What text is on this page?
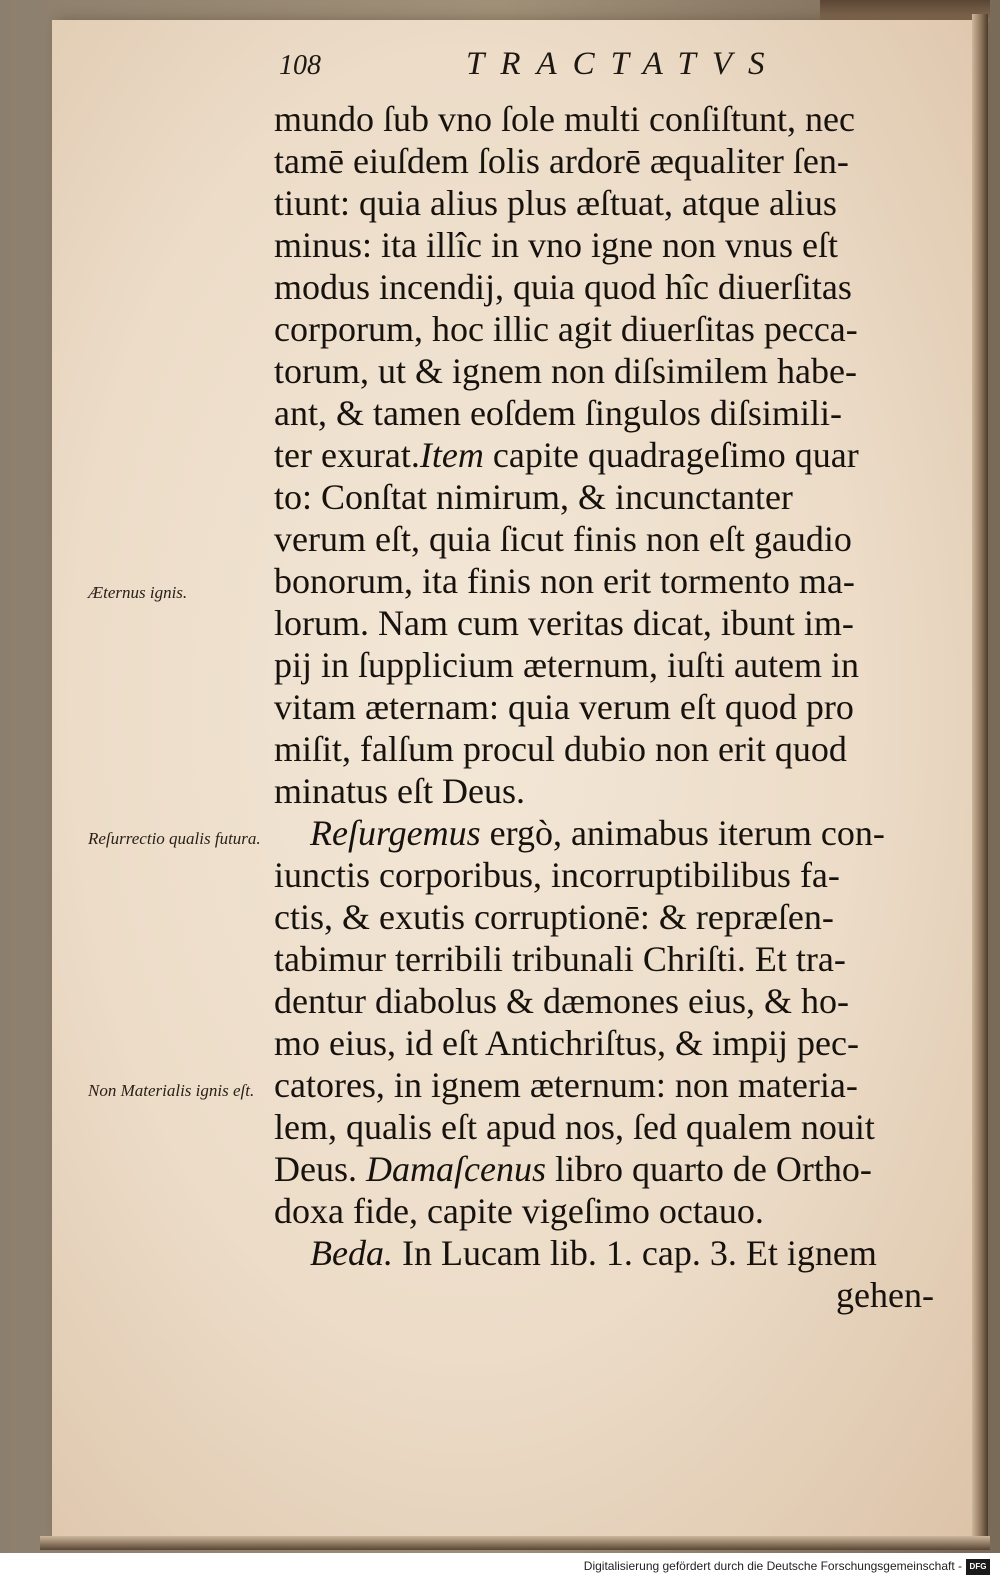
108	TRACTATVS
mundo ſub vno ſole multi conſiſtunt, nec
tamē eiuſdem ſolis ardorē æqualiter ſen-
tiunt: quia alius plus æſtuat, atque alius
minus: ita illîc in vno igne non vnus eſt
modus incendij, quia quod hîc diuerſitas
corporum, hoc illic agit diuerſitas pecca-
torum, ut & ignem non diſsimilem habe-
ant, & tamen eoſdem ſingulos diſsimili-
ter exurat.Item capite quadrageſimo quar
to: Conſtat nimirum, & incunctanter
verum eſt, quia ſicut finis non eſt gaudio
bonorum, ita finis non erit tormento ma-
lorum. Nam cum veritas dicat, ibunt im-
pij in ſupplicium æternum, iuſti autem in
vitam æternam: quia verum eſt quod pro
miſit, falſum procul dubio non erit quod
minatus eſt Deus.
Reſurgemus ergò, animabus iterum con-
iunctis corporibus, incorruptibilibus fa-
ctis, & exutis corruptionē: & repræſen-
tabimur terribili tribunali Chriſti. Et tra-
dentur diabolus & dæmones eius, & ho-
mo eius, id eſt Antichriſtus, & impij pec-
catores, in ignem æternum: non materia-
lem, qualis eſt apud nos, ſed qualem nouit
Deus. Damaſcenus libro quarto de Ortho-
doxa fide, capite vigeſimo octauo.
Beda. In Lucam lib. 1. cap. 3. Et ignem
gehen-
Æternus ignis.
Reſurrectio qualis futura.
Non Materialis ignis eſt.
Digitalisierung gefördert durch die Deutsche Forschungsgemeinschaft - DFG
